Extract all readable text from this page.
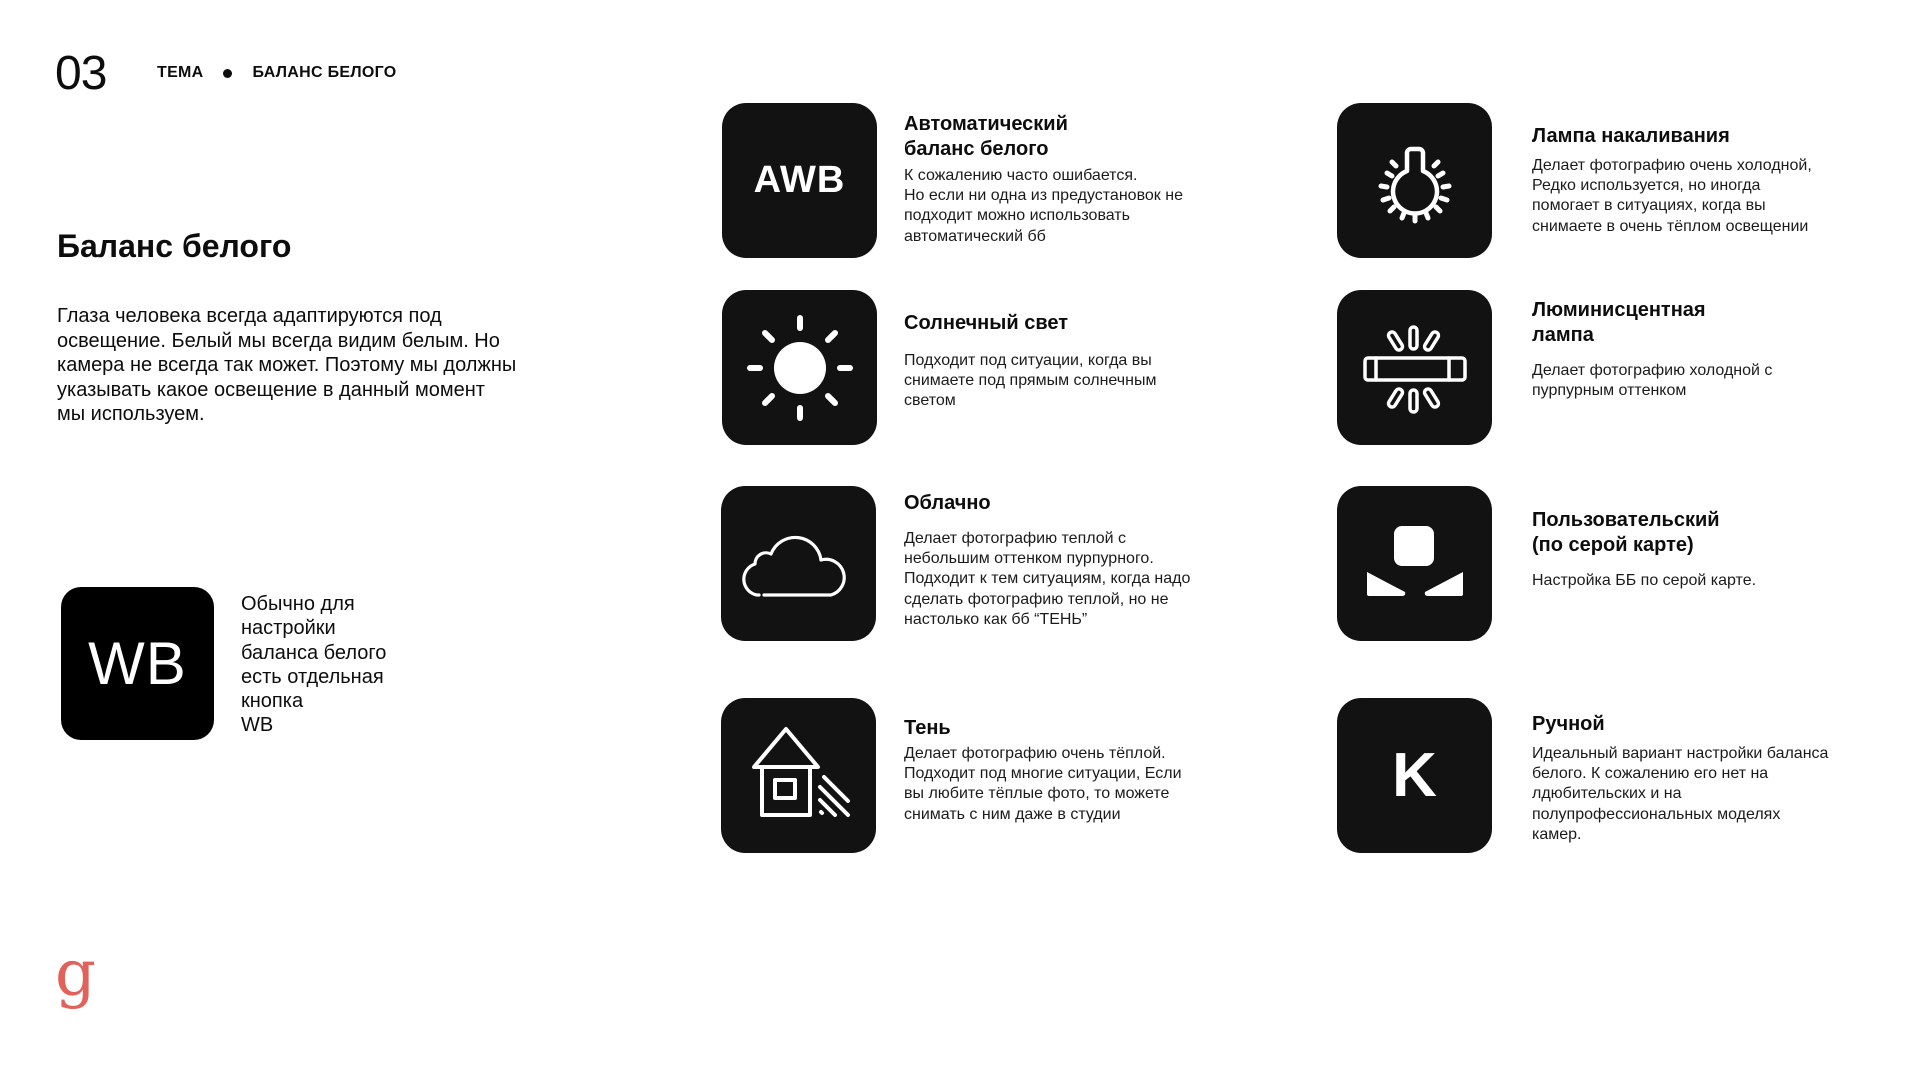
03	ТЕМА	БАЛАНС БЕЛОГО
Баланс белого
Глаза человека всегда адаптируются под освещение. Белый мы всегда видим белым. Но камера не всегда так может. Поэтому мы должны указывать какое освещение в данный момент мы используем.
WB
Обычно для
настройки
баланса белого
есть отдельная
кнопка
WB
AWB
Автоматический
баланс белого
К сожалению часто ошибается.
Но если ни одна из предустановок не
подходит можно использовать
автоматический бб
Лампа накаливания
Делает фотографию очень холодной,
Редко используется, но иногда
помогает в ситуациях, когда вы
снимаете в очень тёплом освещении
Солнечный свет
Подходит под ситуации, когда вы
снимаете под прямым солнечным
светом
Люминисцентная
лампа
Делает фотографию холодной с
пурпурным оттенком
Облачно
Делает фотографию теплой с
небольшим оттенком пурпурного.
Подходит к тем ситуациям, когда надо
сделать фотографию теплой, но не
настолько как бб “ТЕНЬ”
Пользовательский
(по серой карте)
Настройка ББ по серой карте.
Тень
Делает фотографию очень тёплой.
Подходит под многие ситуации, Если
вы любите тёплые фото, то можете
снимать с ним даже в студии
K
Ручной
Идеальный вариант настройки баланса
белого. К сожалению его нет на
лдюбительских и на
полупрофессиональных моделях
камер.
g
